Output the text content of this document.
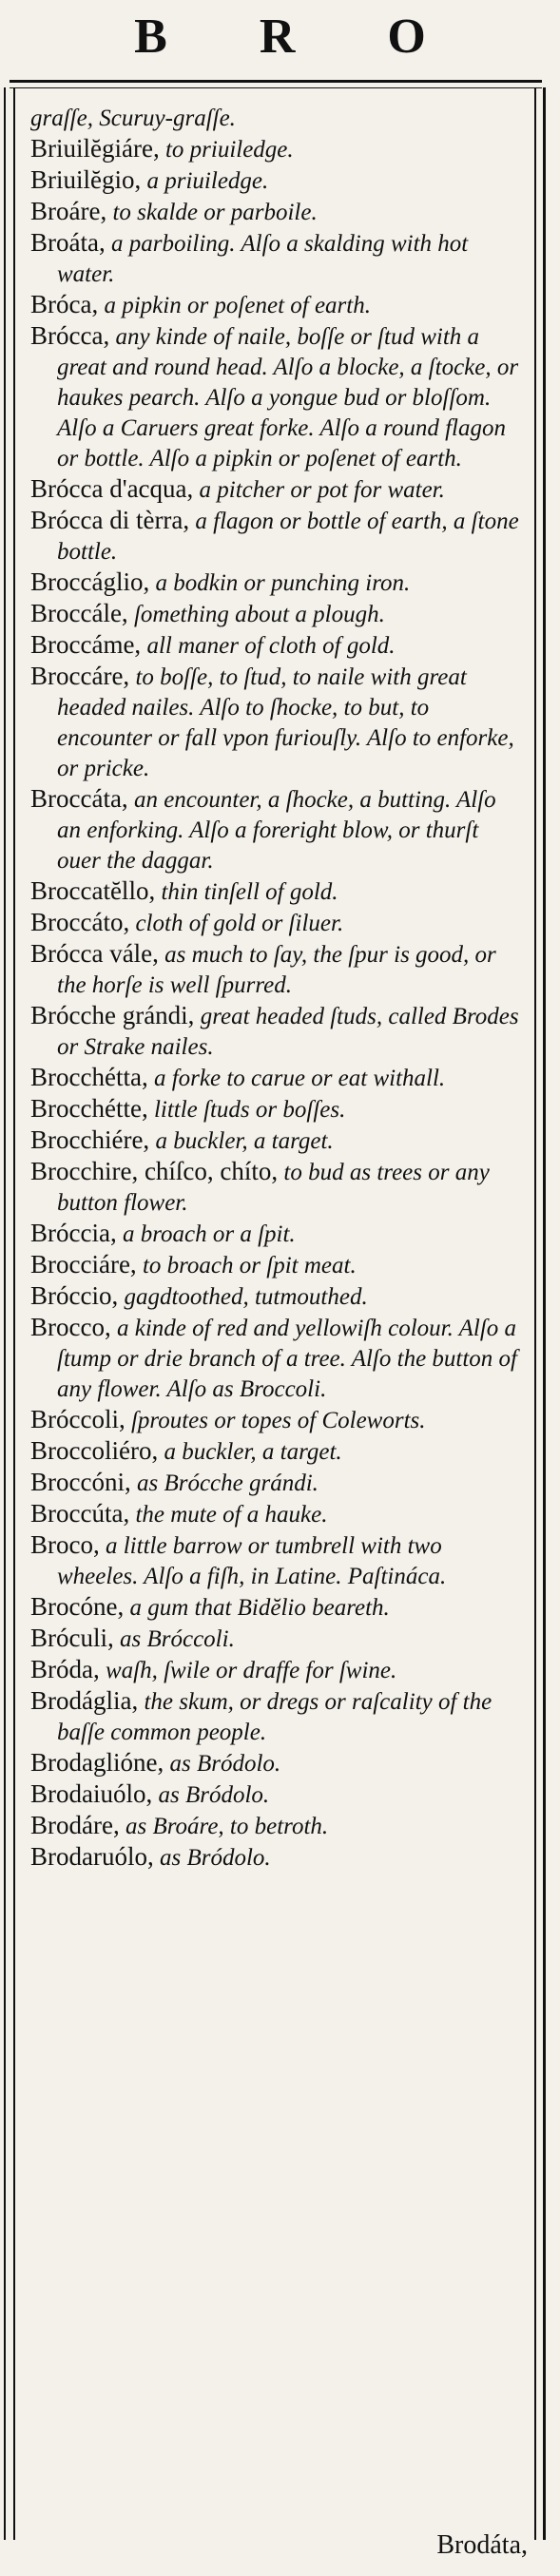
B R O
graſſe, Scuruy-graſſe.
Briuilĕgiáre, to priuiledge.
Briuilĕgio, a priuiledge.
Broáre, to skalde or parboile.
Broáta, a parboiling. Alſo a skalding with hot water.
Bróca, a pipkin or poſenet of earth.
Brócca, any kinde of naile, boſſe or ſtud with a great and round head. Alſo a blocke, a ſtocke, or haukes pearch. Alſo a yongue bud or bloſſom. Alſo a Caruers great forke. Alſo a round flagon or bottle. Alſo a pipkin or poſenet of earth.
Brócca d'acqua, a pitcher or pot for water.
Brócca di tèrra, a flagon or bottle of earth, a ſtone bottle.
Broccáglio, a bodkin or punching iron.
Broccále, ſomething about a plough.
Broccáme, all maner of cloth of gold.
Broccáre, to boſſe, to ſtud, to naile with great headed nailes. Alſo to ſhocke, to but, to encounter or fall vpon furiouſly. Alſo to enforke, or pricke.
Broccáta, an encounter, a ſhocke, a butting. Alſo an enforking. Alſo a foreright blow, or thurſt ouer the daggar.
Broccatĕllo, thin tinſell of gold.
Broccáto, cloth of gold or ſiluer.
Brócca vále, as much to ſay, the ſpur is good, or the horſe is well ſpurred.
Brócche grándi, great headed ſtuds, called Brodes or Strake nailes.
Brocchétta, a forke to carue or eat withall.
Brocchétte, little ſtuds or boſſes.
Brocchiére, a buckler, a target.
Brocchire, chíſco, chíto, to bud as trees or any button flower.
Bróccia, a broach or a ſpit.
Brocciáre, to broach or ſpit meat.
Bróccio, gagdtoothed, tutmouthed.
Brocco, a kinde of red and yellowiſh colour. Alſo a ſtump or drie branch of a tree. Alſo the button of any flower. Alſo as Broccoli.
Bróccoli, ſproutes or topes of Coleworts.
Broccoliéro, a buckler, a target.
Broccóni, as Brócche grándi.
Broccúta, the mute of a hauke.
Broco, a little barrow or tumbrell with two wheeles. Alſo a fiſh, in Latine. Paſtináca.
Brocóne, a gum that Bidĕlio beareth.
Bróculi, as Bróccoli.
Bróda, waſh, ſwile or draffe for ſwine.
Brodáglia, the skum, or dregs or raſcality of the baſſe common people.
Brodaglióne, as Bródolo.
Brodaiuólo, as Bródolo.
Brodáre, as Broáre, to betroth.
Brodaruólo, as Bródolo.
Brodáta,
